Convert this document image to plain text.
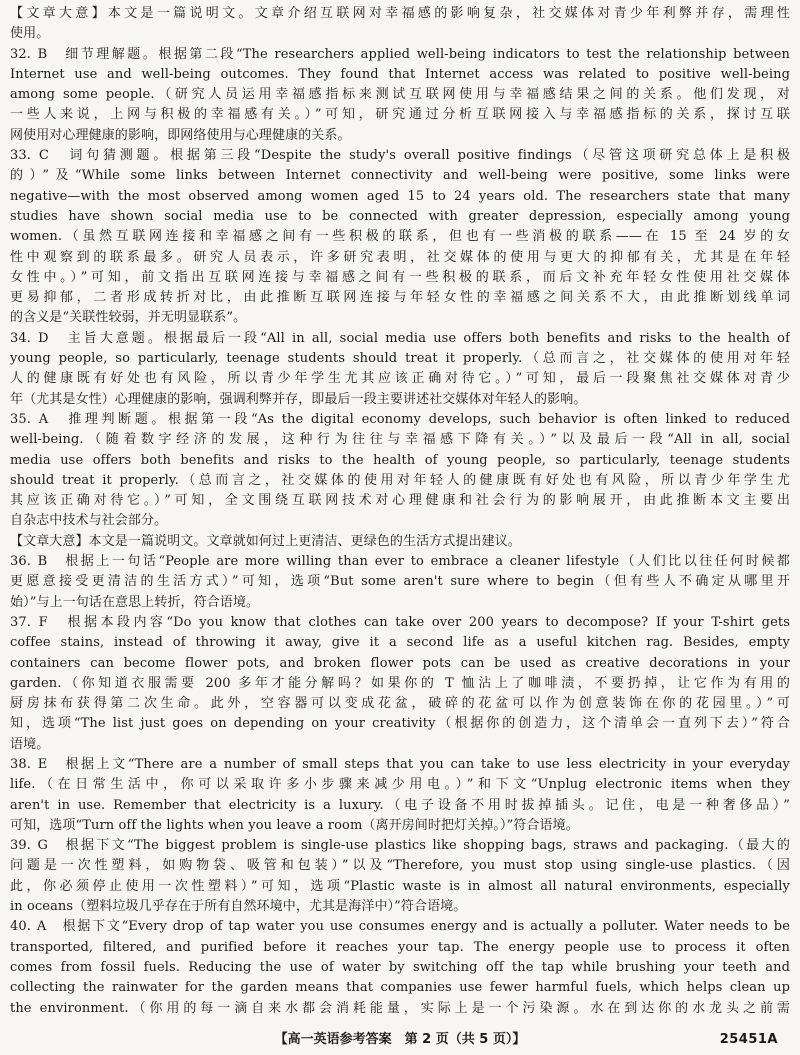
【文章大意】本文是一篇说明文。文章介绍互联网对幸福感的影响复杂，社交媒体对青少年利弊并存，需理性
使用。
32. B　细节理解题。根据第二段“The researchers applied well-being indicators to test the relationship between
Internet use and well-being outcomes. They found that Internet access was related to positive well-being
among some people.（研究人员运用幸福感指标来测试互联网使用与幸福感结果之间的关系。他们发现，对
一些人来说，上网与积极的幸福感有关。）”可知，研究通过分析互联网接入与幸福感指标的关系，探讨互联
网使用对心理健康的影响，即网络使用与心理健康的关系。
33. C　词句猜测题。根据第三段“Despite the study's overall positive findings（尽管这项研究总体上是积极
的）”及“While some links between Internet connectivity and well-being were positive, some links were
negative—with the most observed among women aged 15 to 24 years old. The researchers state that many
studies have shown social media use to be connected with greater depression, especially among young
women.（虽然互联网连接和幸福感之间有一些积极的联系，但也有一些消极的联系——在 15 至 24 岁的女
性中观察到的联系最多。研究人员表示，许多研究表明，社交媒体的使用与更大的抑郁有关，尤其是在年轻
女性中。）”可知，前文指出互联网连接与幸福感之间有一些积极的联系，而后文补充年轻女性使用社交媒体
更易抑郁，二者形成转折对比，由此推断互联网连接与年轻女性的幸福感之间关系不大，由此推断划线单词
的含义是“关联性较弱，并无明显联系”。
34. D　主旨大意题。根据最后一段“All in all, social media use offers both benefits and risks to the health of
young people, so particularly, teenage students should treat it properly.（总而言之，社交媒体的使用对年轻
人的健康既有好处也有风险，所以青少年学生尤其应该正确对待它。）”可知，最后一段聚焦社交媒体对青少
年（尤其是女性）心理健康的影响，强调利弊并存，即最后一段主要讲述社交媒体对年轻人的影响。
35. A　推理判断题。根据第一段“As the digital economy develops, such behavior is often linked to reduced
well-being.（随着数字经济的发展，这种行为往往与幸福感下降有关。）”以及最后一段“All in all, social
media use offers both benefits and risks to the health of young people, so particularly, teenage students
should treat it properly.（总而言之，社交媒体的使用对年轻人的健康既有好处也有风险，所以青少年学生尤
其应该正确对待它。）”可知，全文围绕互联网技术对心理健康和社会行为的影响展开，由此推断本文主要出
自杂志中技术与社会部分。
【文章大意】本文是一篇说明文。文章就如何过上更清洁、更绿色的生活方式提出建议。
36. B　根据上一句话“People are more willing than ever to embrace a cleaner lifestyle（人们比以往任何时候都
更愿意接受更清洁的生活方式）”可知，选项“But some aren't sure where to begin（但有些人不确定从哪里开
始）”与上一句话在意思上转折，符合语境。
37. F　根据本段内容“Do you know that clothes can take over 200 years to decompose? If your T-shirt gets
coffee stains, instead of throwing it away, give it a second life as a useful kitchen rag. Besides, empty
containers can become flower pots, and broken flower pots can be used as creative decorations in your
garden.（你知道衣服需要 200 多年才能分解吗？如果你的 T 恤沾上了咖啡渍，不要扔掉，让它作为有用的
厨房抹布获得第二次生命。此外，空容器可以变成花盆，破碎的花盆可以作为创意装饰在你的花园里。）”可
知，选项“The list just goes on depending on your creativity（根据你的创造力，这个清单会一直列下去）”符合
语境。
38. E　根据上文“There are a number of small steps that you can take to use less electricity in your everyday
life.（在日常生活中，你可以采取许多小步骤来减少用电。）”和下文“Unplug electronic items when they
aren't in use. Remember that electricity is a luxury.（电子设备不用时拔掉插头。记住，电是一种奢侈品）”
可知，选项“Turn off the lights when you leave a room（离开房间时把灯关掉。）”符合语境。
39. G　根据下文“The biggest problem is single-use plastics like shopping bags, straws and packaging.（最大的
问题是一次性塑料，如购物袋、吸管和包装）”以及“Therefore, you must stop using single-use plastics.（因
此，你必须停止使用一次性塑料）”可知，选项“Plastic waste is in almost all natural environments, especially
in oceans（塑料垃圾几乎存在于所有自然环境中，尤其是海洋中）”符合语境。
40. A　根据下文“Every drop of tap water you use consumes energy and is actually a polluter. Water needs to be
transported, filtered, and purified before it reaches your tap. The energy people use to process it often
comes from fossil fuels. Reducing the use of water by switching off the tap while brushing your teeth and
collecting the rainwater for the garden means that companies use fewer harmful fuels, which helps clean up
the environment.（你用的每一滴自来水都会消耗能量，实际上是一个污染源。水在到达你的水龙头之前需
【高一英语参考答案　第 2 页（共 5 页）】	25451A
